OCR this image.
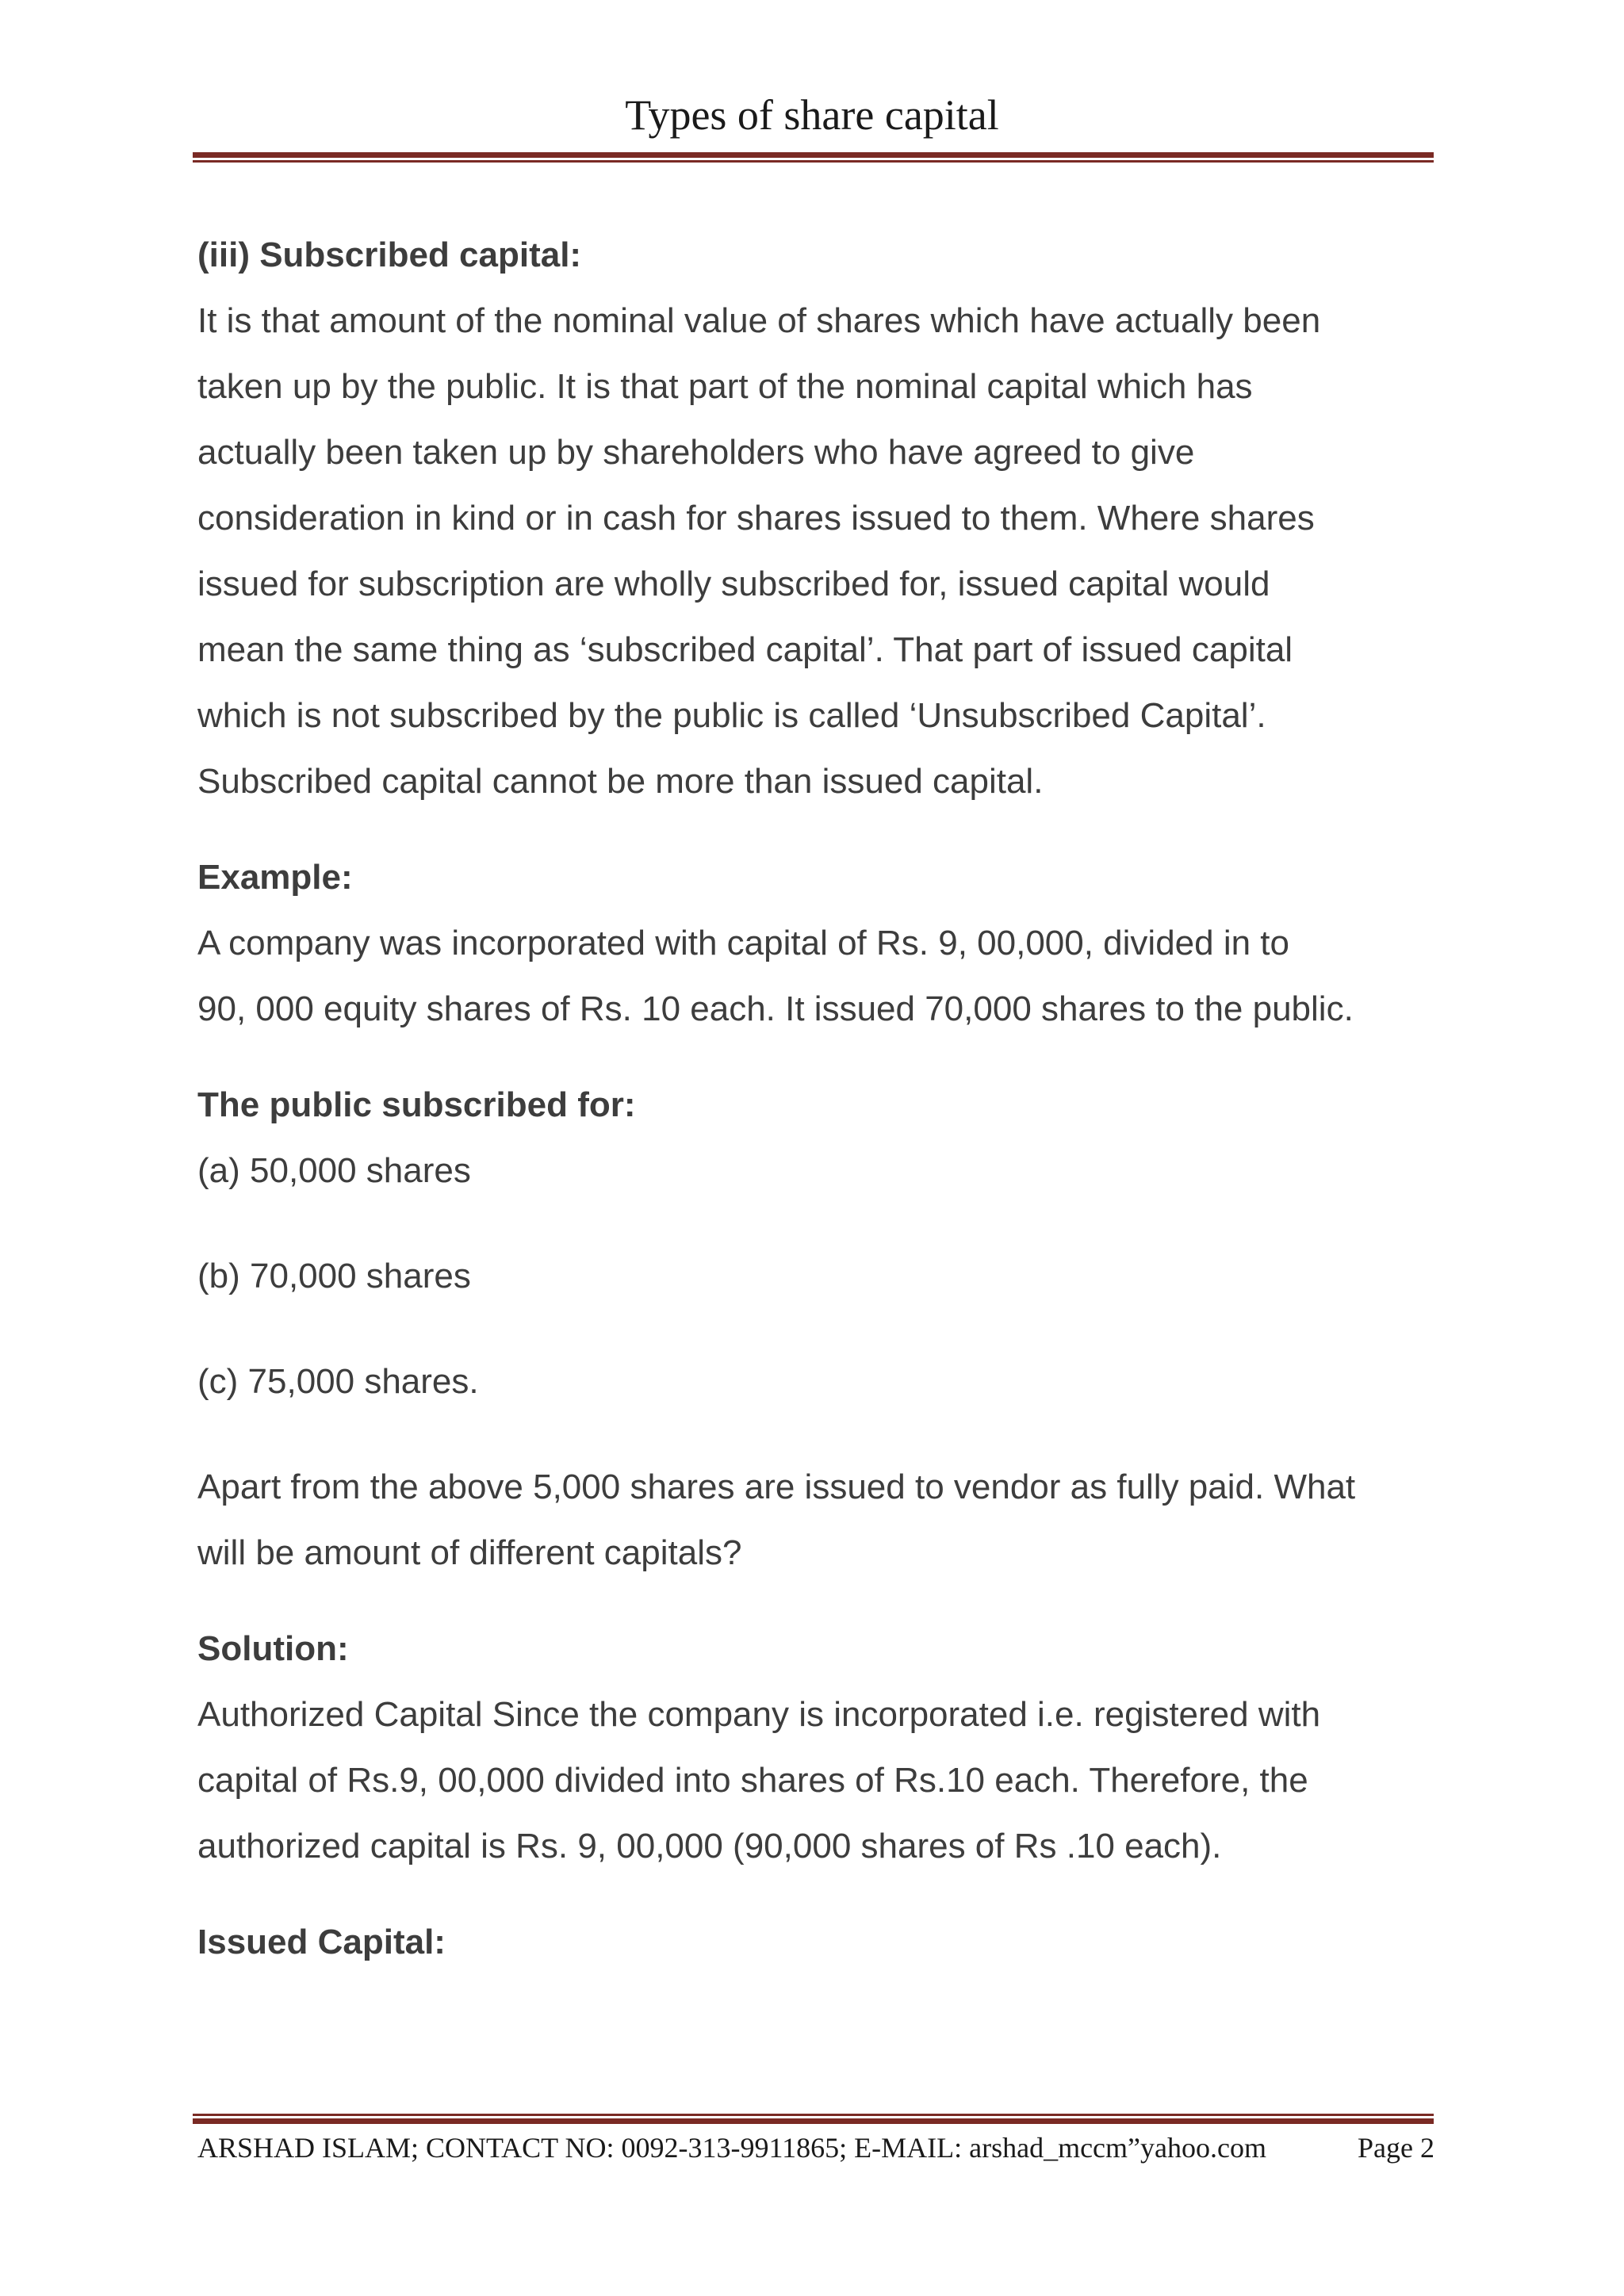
Types of share capital

(iii) Subscribed capital:

It is that amount of the nominal value of shares which have actually been

taken up by the public. It is that part of the nominal capital which has

actually been taken up by shareholders who have agreed to give

consideration in kind or in cash for shares issued to them. Where shares

issued for subscription are wholly subscribed for, issued capital would

mean the same thing as ‘subscribed capital’. That part of issued capital

which is not subscribed by the public is called ‘Unsubscribed Capital’.

Subscribed capital cannot be more than issued capital.

Example:

A company was incorporated with capital of Rs. 9, 00,000, divided in to

90, 000 equity shares of Rs. 10 each. It issued 70,000 shares to the public.

The public subscribed for:

(a) 50,000 shares

(b) 70,000 shares

(c) 75,000 shares.

Apart from the above 5,000 shares are issued to vendor as fully paid. What

will be amount of different capitals?

Solution:

Authorized Capital Since the company is incorporated i.e. registered with

capital of Rs.9, 00,000 divided into shares of Rs.10 each. Therefore, the

authorized capital is Rs. 9, 00,000 (90,000 shares of Rs .10 each).

Issued Capital:

ARSHAD ISLAM; CONTACT NO: 0092-313-9911865; E-MAIL: arshad_mccm”yahoo.com	Page 2
